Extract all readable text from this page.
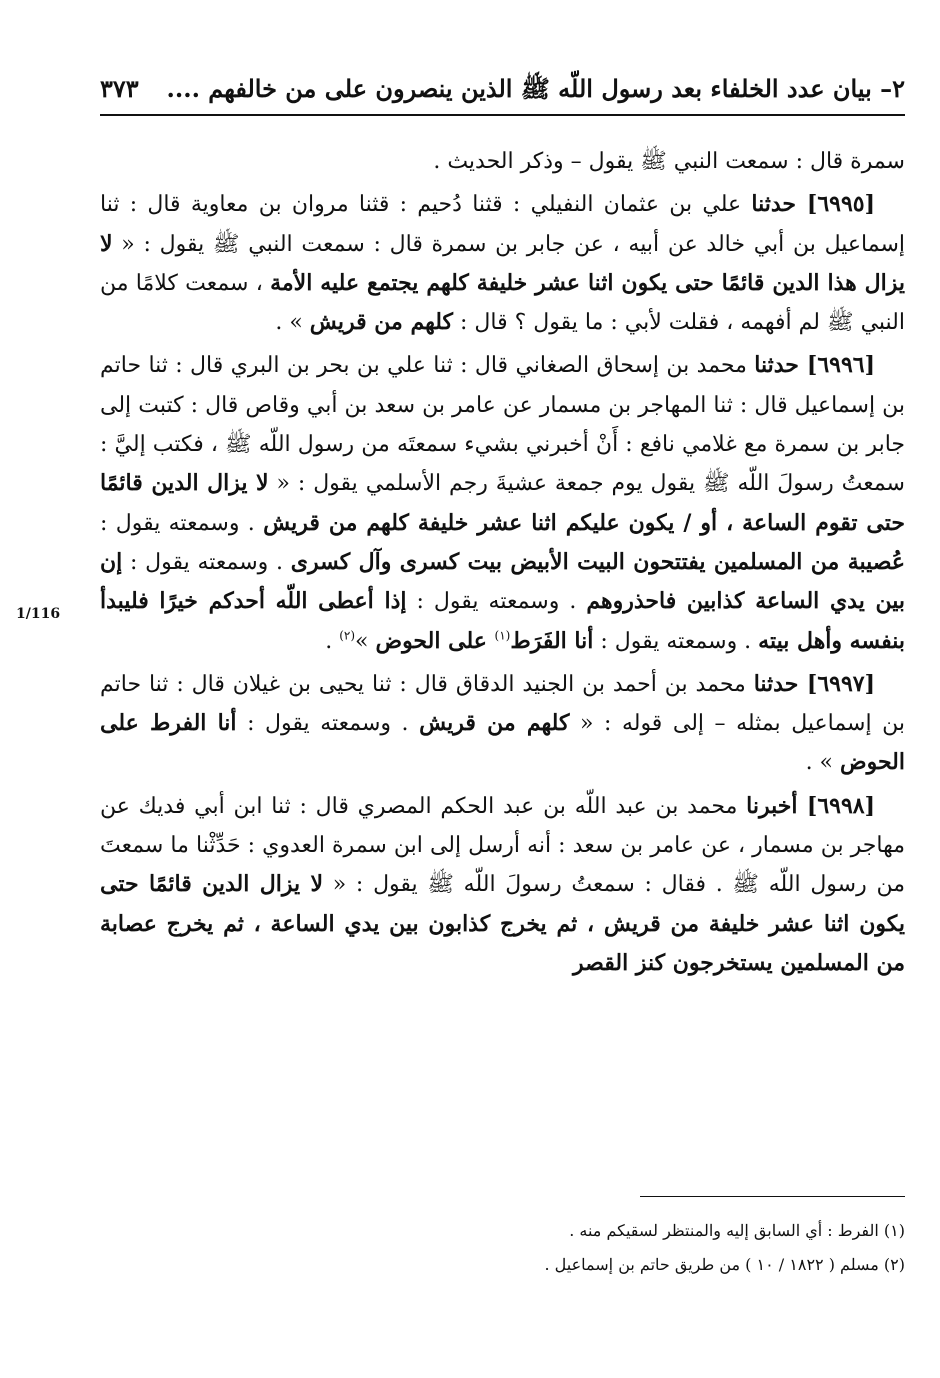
٢– بيان عدد الخلفاء بعد رسول اللّه ﷺ الذين ينصرون على من خالفهم ....
٣٧٣
1/116

سمرة قال : سمعت النبي ﷺ يقول – وذكر الحديث .

[٦٩٩٥] حدثنا علي بن عثمان النفيلي : قثنا دُحيم : قثنا مروان بن معاوية قال : ثنا إسماعيل بن أبي خالد عن أبيه ، عن جابر بن سمرة قال : سمعت النبي ﷺ يقول : « لا يزال هذا الدين قائمًا حتى يكون اثنا عشر خليفة كلهم يجتمع عليه الأمة ، سمعت كلامًا من النبي ﷺ لم أفهمه ، فقلت لأبي : ما يقول ؟ قال : كلهم من قريش » .

[٦٩٩٦] حدثنا محمد بن إسحاق الصغاني قال : ثنا علي بن بحر بن البري قال : ثنا حاتم بن إسماعيل قال : ثنا المهاجر بن مسمار عن عامر بن سعد بن أبي وقاص قال : كتبت إلى جابر بن سمرة مع غلامي نافع : أَنْ أخبرني بشيء سمعتَه من رسول اللّه ﷺ ، فكتب إليَّ : سمعتُ رسولَ اللّه ﷺ يقول يوم جمعة عشيةَ رجم الأسلمي يقول : « لا يزال الدين قائمًا حتى تقوم الساعة ، أو / يكون عليكم اثنا عشر خليفة كلهم من قريش . وسمعته يقول : عُصيبة من المسلمين يفتتحون البيت الأبيض بيت كسرى وآل كسرى . وسمعته يقول : إن بين يدي الساعة كذابين فاحذروهم . وسمعته يقول : إذا أعطى اللّه أحدكم خيرًا فليبدأ بنفسه وأهل بيته . وسمعته يقول : أنا الفَرَط$^{(١)}$ على الحوض »$^{(٢)}$ .

[٦٩٩٧] حدثنا محمد بن أحمد بن الجنيد الدقاق قال : ثنا يحيى بن غيلان قال : ثنا حاتم بن إسماعيل بمثله – إلى قوله : « كلهم من قريش . وسمعته يقول : أنا الفرط على الحوض » .

[٦٩٩٨] أخبرنا محمد بن عبد اللّه بن عبد الحكم المصري قال : ثنا ابن أبي فديك عن مهاجر بن مسمار ، عن عامر بن سعد : أنه أرسل إلى ابن سمرة العدوي : حَدِّثْنا ما سمعتَ من رسول اللّه ﷺ . فقال : سمعتُ رسولَ اللّه ﷺ يقول : « لا يزال الدين قائمًا حتى يكون اثنا عشر خليفة من قريش ، ثم يخرج كذابون بين يدي الساعة ، ثم يخرج عصابة من المسلمين يستخرجون كنز القصر

(١) الفرط : أي السابق إليه والمنتظر لسقيكم منه .

(٢) مسلم ( ١٨٢٢ / ١٠ ) من طريق حاتم بن إسماعيل .
